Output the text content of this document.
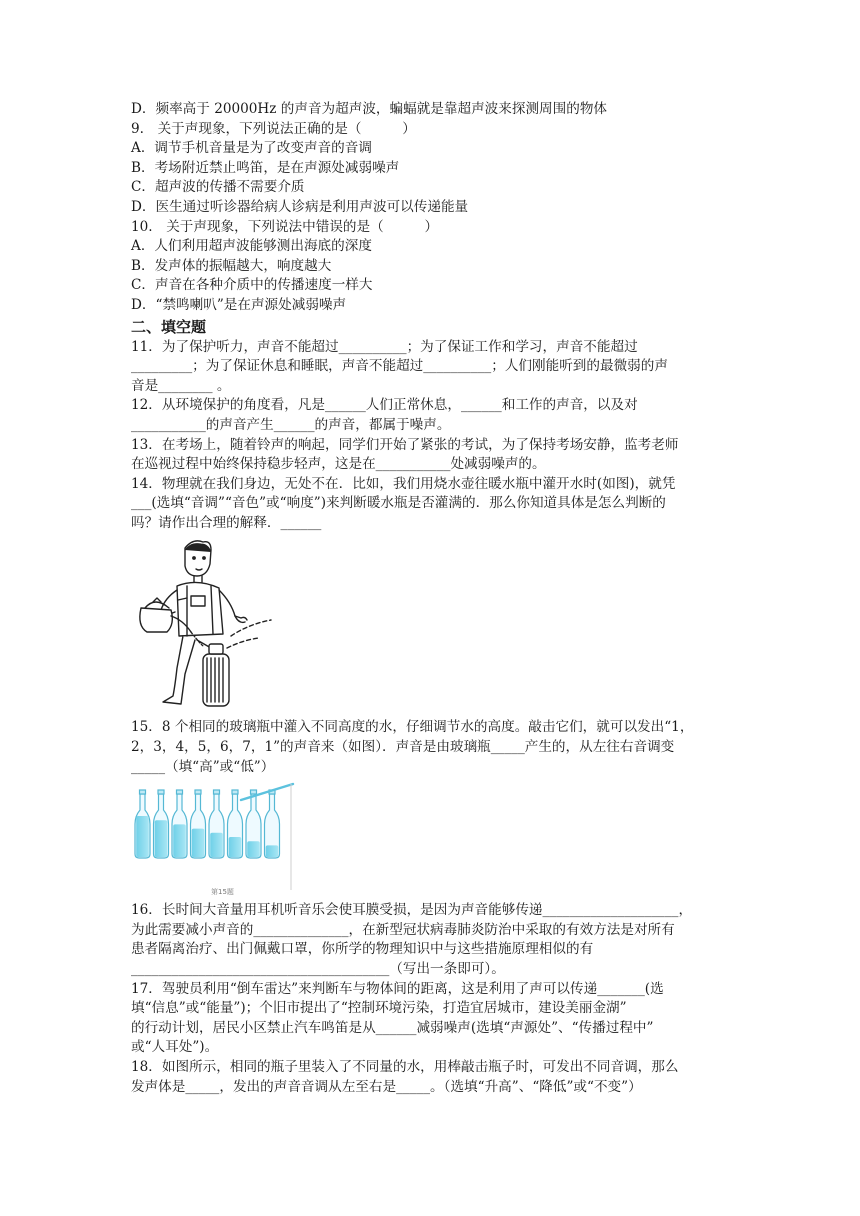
D．频率高于 20000Hz 的声音为超声波，蝙蝠就是靠超声波来探测周围的物体
9.　关于声现象，下列说法正确的是（　　　）
A．调节手机音量是为了改变声音的音调
B．考场附近禁止鸣笛，是在声源处减弱噪声
C．超声波的传播不需要介质
D．医生通过听诊器给病人诊病是利用声波可以传递能量
10.　关于声现象，下列说法中错误的是（　　　）
A．人们利用超声波能够测出海底的深度
B．发声体的振幅越大，响度越大
C．声音在各种介质中的传播速度一样大
D．“禁鸣喇叭”是在声源处减弱噪声
二、填空题
11．为了保护听力，声音不能超过__________；为了保证工作和学习，声音不能超过
_________；为了保证休息和睡眠，声音不能超过__________；人们刚能听到的最微弱的声
音是________ 。
12．从环境保护的角度看，凡是______人们正常休息，______和工作的声音，以及对
___________的声音产生______的声音，都属于噪声。
13．在考场上，随着铃声的响起，同学们开始了紧张的考试，为了保持考场安静，监考老师
在巡视过程中始终保持稳步轻声，这是在___________处减弱噪声的。
14．物理就在我们身边，无处不在．比如，我们用烧水壶往暖水瓶中灌开水时(如图)，就凭
___(选填“音调”“音色”或“响度”)来判断暖水瓶是否灌满的．那么你知道具体是怎么判断的
吗？请作出合理的解释．______
15．8 个相同的玻璃瓶中灌入不同高度的水，仔细调节水的高度。敲击它们，就可以发出“1，
2，3，4，5，6，7，1”的声音来（如图）．声音是由玻璃瓶_____产生的，从左往右音调变
_____（填“高”或“低”）
第15题
16．长时间大音量用耳机听音乐会使耳膜受损，是因为声音能够传递____________________，
为此需要减小声音的______________，在新型冠状病毒肺炎防治中采取的有效方法是对所有
患者隔离治疗、出门佩戴口罩，你所学的物理知识中与这些措施原理相似的有
______________________________________（写出一条即可）。
17．驾驶员利用“倒车雷达”来判断车与物体间的距离，这是利用了声可以传递_______(选
填“信息”或“能量”)；个旧市提出了“控制环境污染，打造宜居城市，建设美丽金湖”
的行动计划，居民小区禁止汽车鸣笛是从______减弱噪声(选填“声源处”、“传播过程中”
或“人耳处”)。
18．如图所示，相同的瓶子里装入了不同量的水，用棒敲击瓶子时，可发出不同音调，那么
发声体是_____，发出的声音音调从左至右是_____。（选填“升高”、“降低”或“不变”）
